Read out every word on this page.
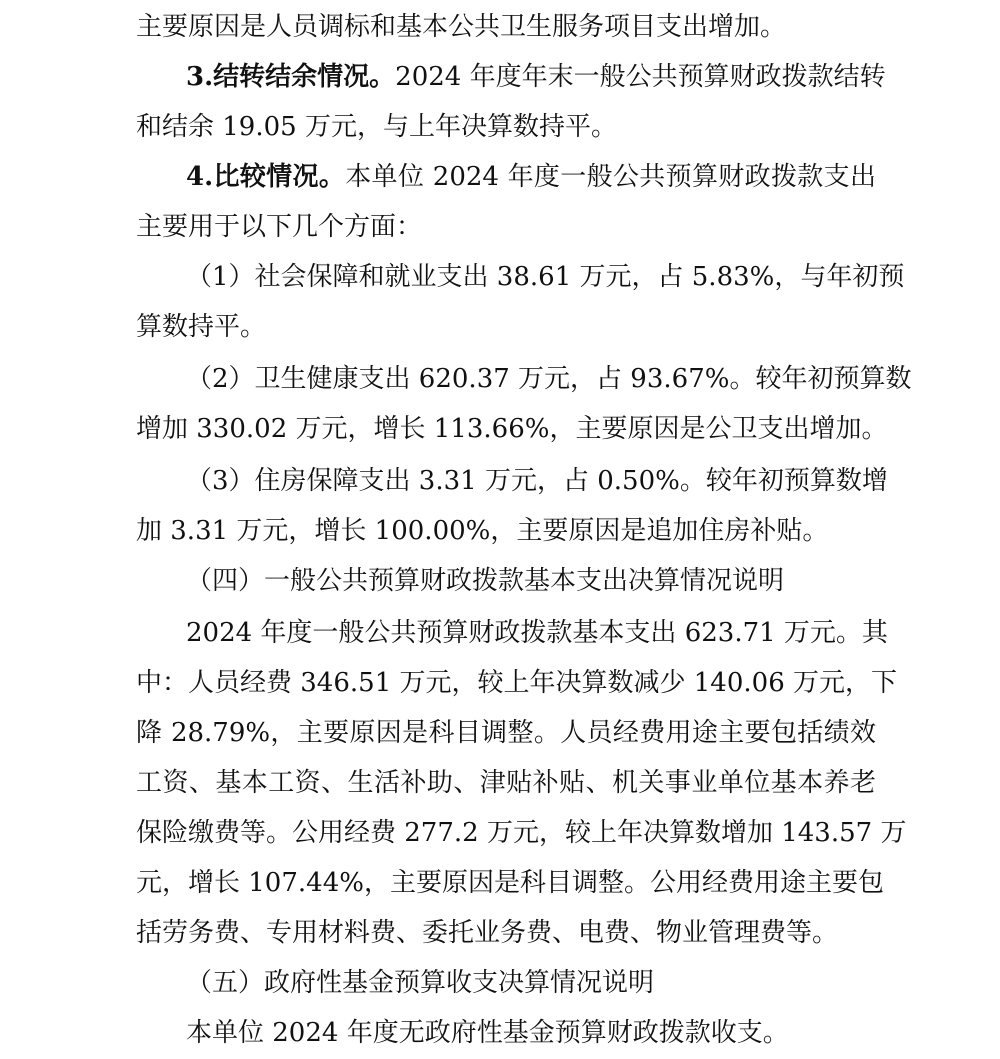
主要原因是人员调标和基本公共卫生服务项目支出增加。
3.结转结余情况。2024 年度年末一般公共预算财政拨款结转
和结余 19.05 万元，与上年决算数持平。
4.比较情况。本单位 2024 年度一般公共预算财政拨款支出
主要用于以下几个方面：
（1）社会保障和就业支出 38.61 万元，占 5.83%，与年初预
算数持平。
（2）卫生健康支出 620.37 万元，占 93.67%。较年初预算数
增加 330.02 万元，增长 113.66%，主要原因是公卫支出增加。
（3）住房保障支出 3.31 万元，占 0.50%。较年初预算数增
加 3.31 万元，增长 100.00%，主要原因是追加住房补贴。
（四）一般公共预算财政拨款基本支出决算情况说明
2024 年度一般公共预算财政拨款基本支出 623.71 万元。其
中：人员经费 346.51 万元，较上年决算数减少 140.06 万元，下
降 28.79%，主要原因是科目调整。人员经费用途主要包括绩效
工资、基本工资、生活补助、津贴补贴、机关事业单位基本养老
保险缴费等。公用经费 277.2 万元，较上年决算数增加 143.57 万
元，增长 107.44%，主要原因是科目调整。公用经费用途主要包
括劳务费、专用材料费、委托业务费、电费、物业管理费等。
（五）政府性基金预算收支决算情况说明
本单位 2024 年度无政府性基金预算财政拨款收支。
